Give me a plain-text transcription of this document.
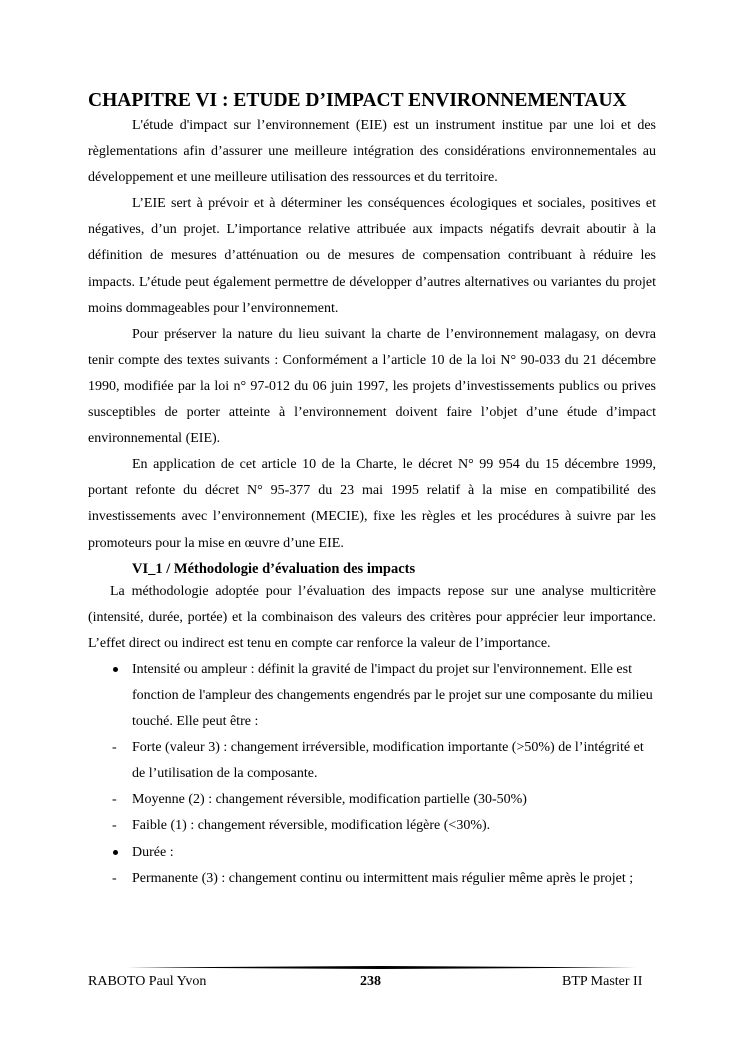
CHAPITRE VI : ETUDE D’IMPACT ENVIRONNEMENTAUX

L'étude d'impact sur l’environnement (EIE) est un instrument institue par une loi et des règlementations afin d’assurer une meilleure intégration des considérations environnementales au développement et une meilleure utilisation des ressources et du territoire.

L’EIE sert à prévoir et à déterminer les conséquences écologiques et sociales, positives et négatives, d’un projet. L’importance relative attribuée aux impacts négatifs devrait aboutir à la définition de mesures d’atténuation ou de mesures de compensation contribuant à réduire les impacts. L’étude peut également permettre de développer d’autres alternatives ou variantes du projet moins dommageables pour l’environnement.

Pour préserver la nature du lieu suivant la charte de l’environnement malagasy, on devra tenir compte des textes suivants : Conformément a l’article 10 de la loi N° 90-033 du 21 décembre 1990, modifiée par la loi n° 97-012 du 06 juin 1997, les projets d’investissements publics ou prives susceptibles de porter atteinte à l’environnement doivent faire l’objet d’une étude d’impact environnemental (EIE).

En application de cet article 10 de la Charte, le décret N° 99 954 du 15 décembre 1999, portant refonte du décret N° 95-377 du 23 mai 1995 relatif à la mise en compatibilité des investissements avec l’environnement (MECIE), fixe les règles et les procédures à suivre par les promoteurs pour la mise en œuvre d’une EIE.

VI_1 / Méthodologie d’évaluation des impacts

La méthodologie adoptée pour l’évaluation des impacts repose sur une analyse multicritère (intensité, durée, portée) et la combinaison des valeurs des critères pour apprécier leur importance. L’effet direct ou indirect est tenu en compte car renforce la valeur de l’importance.

Intensité ou ampleur : définit la gravité de l'impact du projet sur l'environnement. Elle est fonction de l'ampleur des changements engendrés par le projet sur une composante du milieu touché. Elle peut être :
Forte (valeur 3) : changement irréversible, modification importante (>50%) de l’intégrité et de l’utilisation de la composante.
Moyenne (2) : changement réversible, modification partielle (30-50%)
Faible (1) : changement réversible, modification légère (<30%).
Durée :
Permanente (3) : changement continu ou intermittent mais régulier même après le projet ;
RABOTO Paul Yvon	238	BTP Master II
